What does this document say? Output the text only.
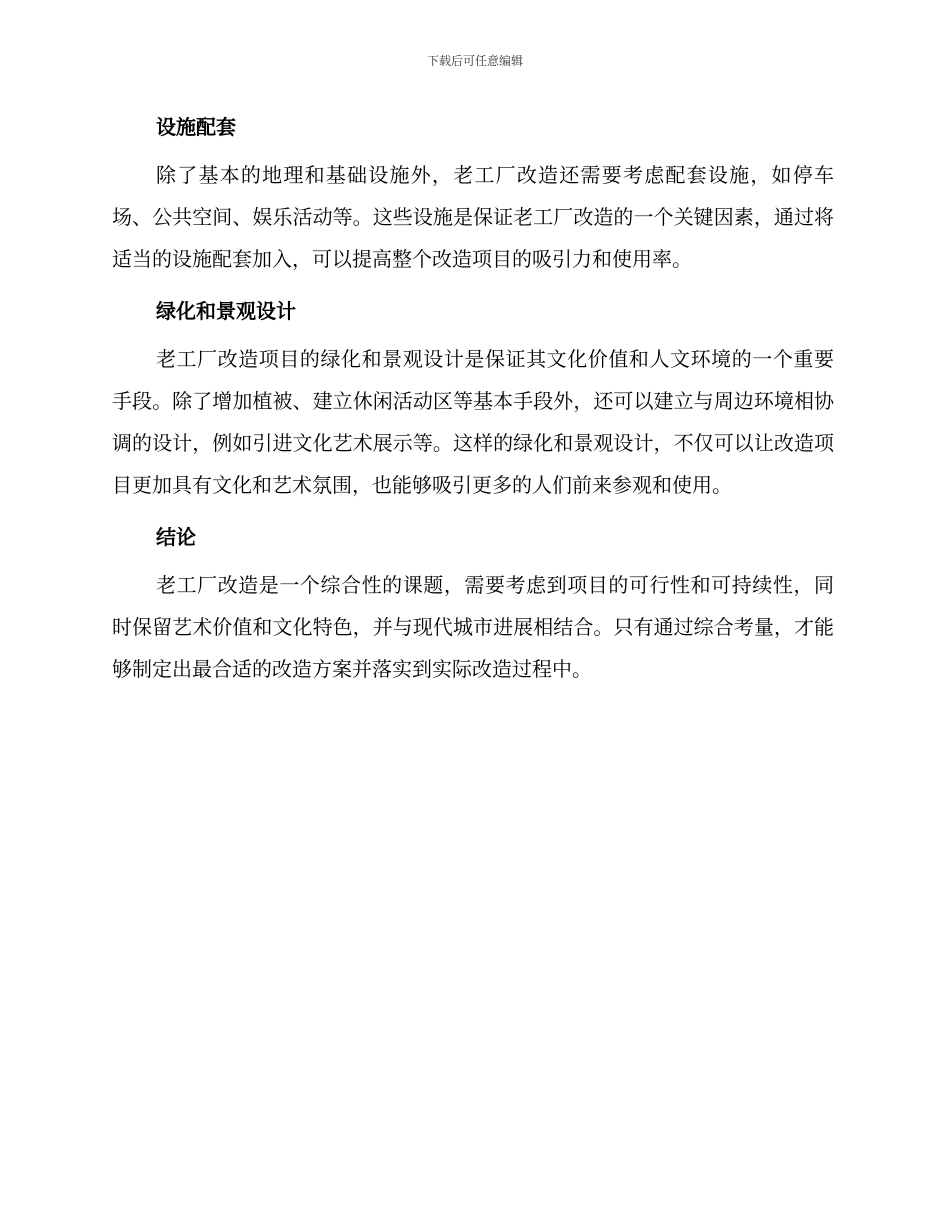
下载后可任意编辑
设施配套

除了基本的地理和基础设施外，老工厂改造还需要考虑配套设施，如停车场、公共空间、娱乐活动等。这些设施是保证老工厂改造的一个关键因素，通过将适当的设施配套加入，可以提高整个改造项目的吸引力和使用率。

绿化和景观设计

老工厂改造项目的绿化和景观设计是保证其文化价值和人文环境的一个重要手段。除了增加植被、建立休闲活动区等基本手段外，还可以建立与周边环境相协调的设计，例如引进文化艺术展示等。这样的绿化和景观设计，不仅可以让改造项目更加具有文化和艺术氛围，也能够吸引更多的人们前来参观和使用。

结论

老工厂改造是一个综合性的课题，需要考虑到项目的可行性和可持续性，同时保留艺术价值和文化特色，并与现代城市进展相结合。只有通过综合考量，才能够制定出最合适的改造方案并落实到实际改造过程中。
